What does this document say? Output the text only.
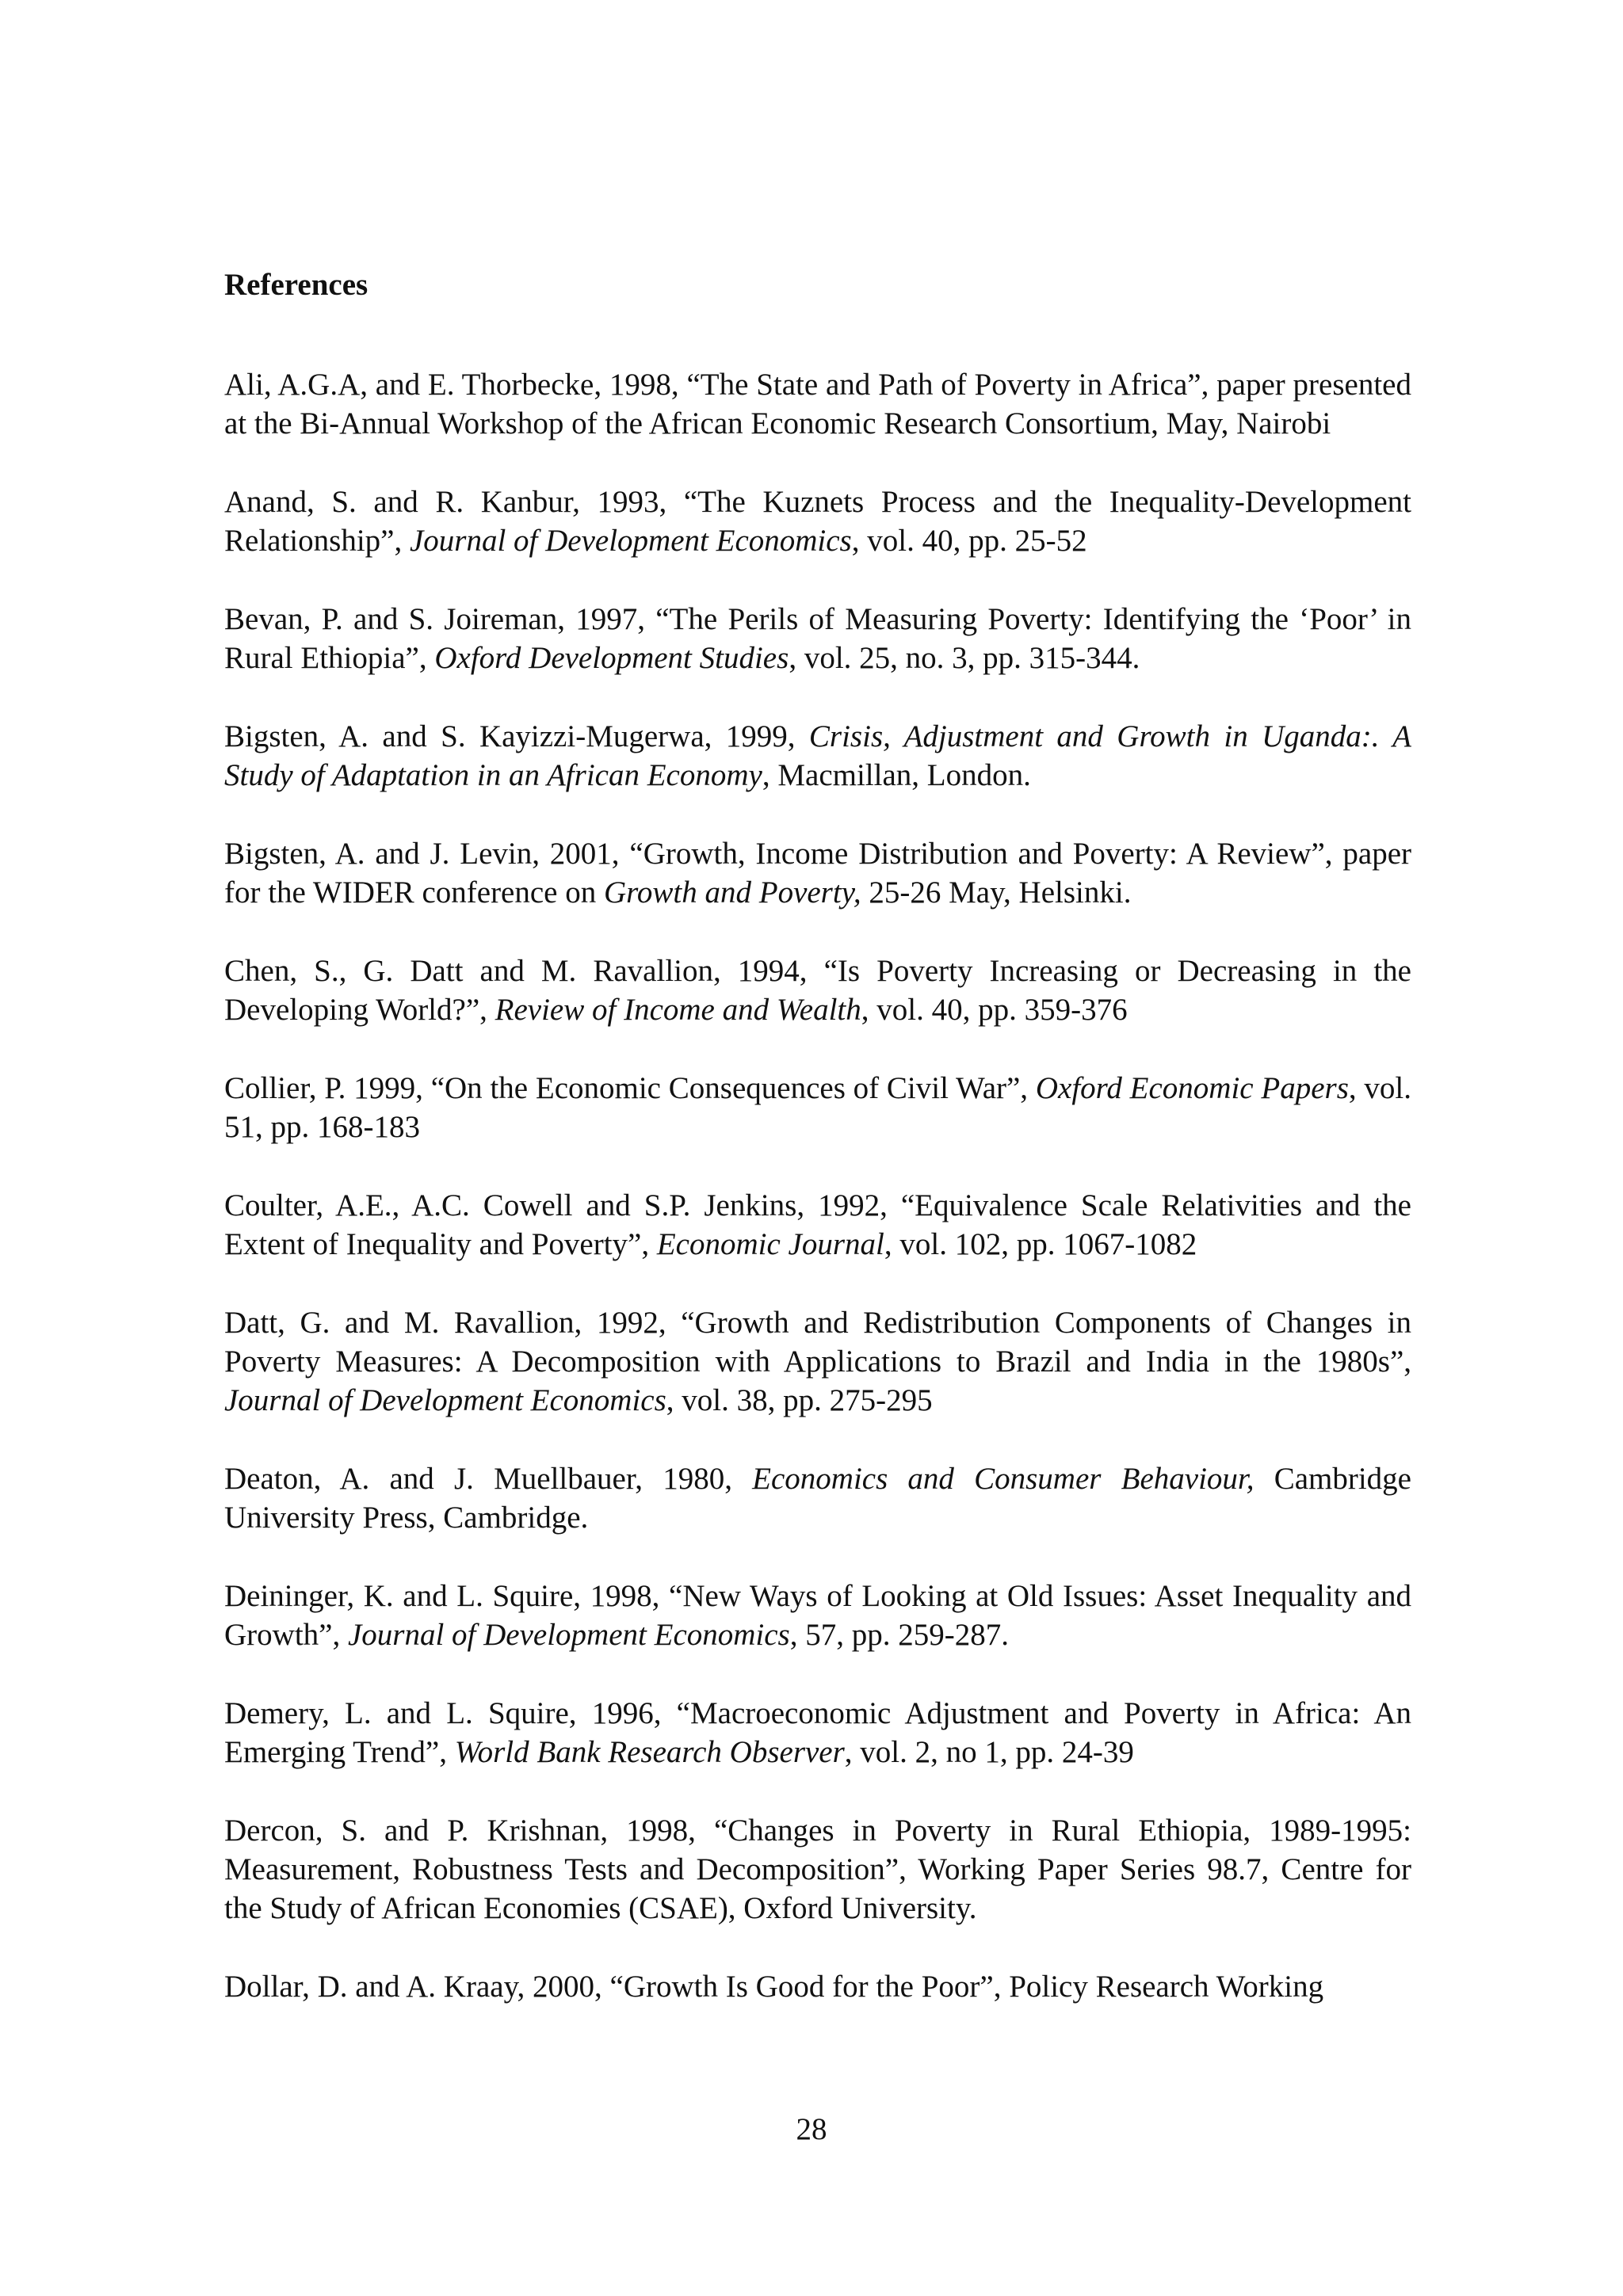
References

Ali, A.G.A, and E. Thorbecke, 1998, “The State and Path of Poverty in Africa”, paper presented at the Bi-Annual Workshop of the African Economic Research Consortium, May, Nairobi

Anand, S. and R. Kanbur, 1993, “The Kuznets Process and the Inequality-Development Relationship”, Journal of Development Economics, vol. 40, pp. 25-52

Bevan, P. and S. Joireman, 1997, “The Perils of Measuring Poverty: Identifying the ‘Poor’ in Rural Ethiopia”, Oxford Development Studies, vol. 25, no. 3, pp. 315-344.

Bigsten, A. and S. Kayizzi-Mugerwa, 1999, Crisis, Adjustment and Growth in Uganda:. A Study of Adaptation in an African Economy, Macmillan, London.

Bigsten, A. and J. Levin, 2001, “Growth, Income Distribution and Poverty: A Review”, paper for the WIDER conference on Growth and Poverty, 25-26 May, Helsinki.

Chen, S., G. Datt and M. Ravallion, 1994, “Is Poverty Increasing or Decreasing in the Developing World?”, Review of Income and Wealth, vol. 40, pp. 359-376

Collier, P. 1999, “On the Economic Consequences of Civil War”, Oxford Economic Papers, vol. 51, pp. 168-183

Coulter, A.E., A.C. Cowell and S.P. Jenkins, 1992, “Equivalence Scale Relativities and the Extent of Inequality and Poverty”, Economic Journal, vol. 102, pp. 1067-1082

Datt, G. and M. Ravallion, 1992, “Growth and Redistribution Components of Changes in Poverty Measures: A Decomposition with Applications to Brazil and India in the 1980s”, Journal of Development Economics, vol. 38, pp. 275-295

Deaton, A. and J. Muellbauer, 1980, Economics and Consumer Behaviour, Cambridge University Press, Cambridge.

Deininger, K. and L. Squire, 1998, “New Ways of Looking at Old Issues: Asset Inequality and Growth”, Journal of Development Economics, 57, pp. 259-287.

Demery, L. and L. Squire, 1996, “Macroeconomic Adjustment and Poverty in Africa: An Emerging Trend”, World Bank Research Observer, vol. 2, no 1, pp. 24-39

Dercon, S. and P. Krishnan, 1998, “Changes in Poverty in Rural Ethiopia, 1989-1995: Measurement, Robustness Tests and Decomposition”, Working Paper Series 98.7, Centre for the Study of African Economies (CSAE), Oxford University.

Dollar, D. and A. Kraay, 2000, “Growth Is Good for the Poor”, Policy Research Working

28
